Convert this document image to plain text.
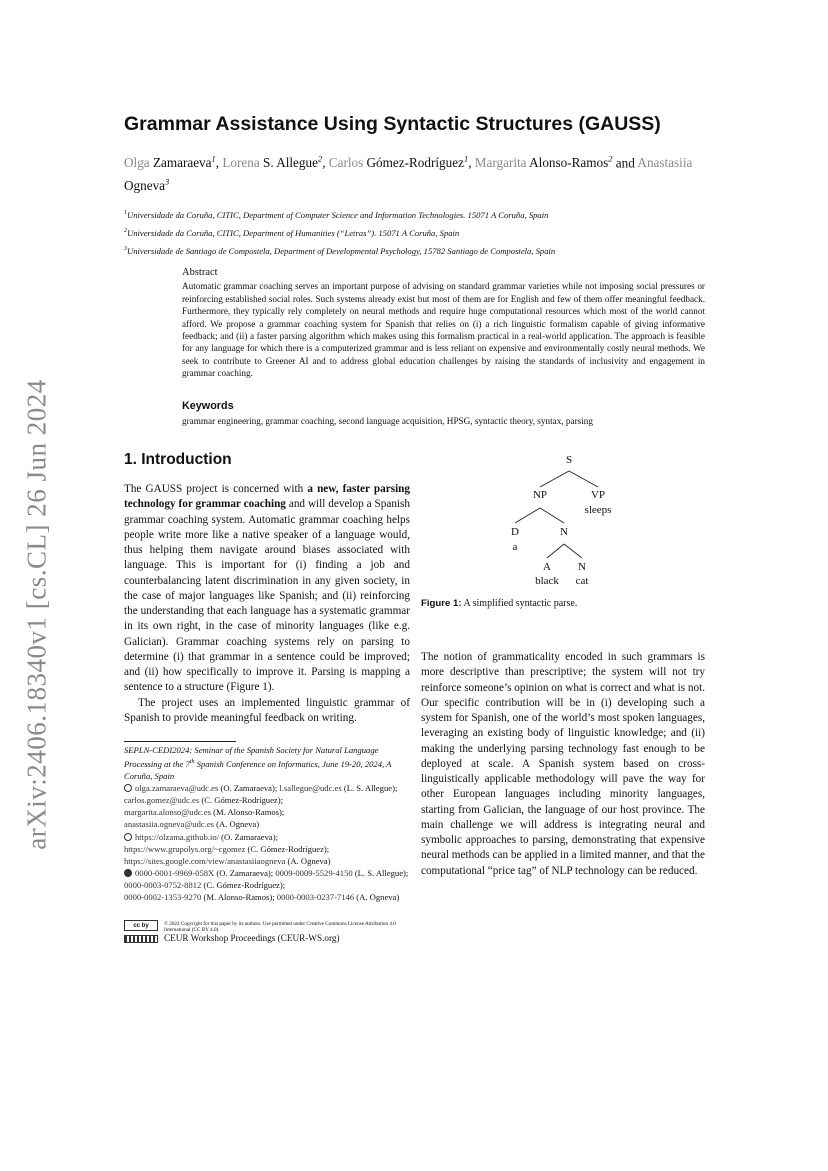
arXiv:2406.18340v1 [cs.CL] 26 Jun 2024
Grammar Assistance Using Syntactic Structures (GAUSS)
Olga Zamaraeva$^1$, Lorena S. Allegue$^2$, Carlos Gómez-Rodríguez$^1$, Margarita Alonso-Ramos$^2$ and Anastasiia Ogneva$^3$
$^1$Universidade da Coruña, CITIC, Department of Computer Science and Information Technologies. 15071 A Coruña, Spain
$^2$Universidade da Coruña, CITIC, Department of Humanities (“Letras”). 15071 A Coruña, Spain
$^3$Universidade de Santiago de Compostela, Department of Developmental Psychology, 15782 Santiago de Compostela, Spain
Abstract

Automatic grammar coaching serves an important purpose of advising on standard grammar varieties while not imposing social pressures or reinforcing established social roles. Such systems already exist but most of them are for English and few of them offer meaningful feedback. Furthermore, they typically rely completely on neural methods and require huge computational resources which most of the world cannot afford. We propose a grammar coaching system for Spanish that relies on (i) a rich linguistic formalism capable of giving informative feedback; and (ii) a faster parsing algorithm which makes using this formalism practical in a real-world application. The approach is feasible for any language for which there is a computerized grammar and is less reliant on expensive and environmentally costly neural methods. We seek to contribute to Greener AI and to address global education challenges by raising the standards of inclusivity and engagement in grammar coaching.

Keywords
grammar engineering, grammar coaching, second language acquisition, HPSG, syntactic theory, syntax, parsing
1. Introduction

The GAUSS project is concerned with a new, faster parsing technology for grammar coaching and will develop a Spanish grammar coaching system. Automatic grammar coaching helps people write more like a native speaker of a language would, thus helping them navigate around biases associated with language. This is important for (i) finding a job and counterbalancing latent discrimination in any given society, in the case of major languages like Spanish; and (ii) reinforcing the understanding that each language has a systematic grammar in its own right, in the case of minority languages (like e.g. Galician). Grammar coaching systems rely on parsing to determine (i) that grammar in a sentence could be improved; and (ii) how specifically to improve it. Parsing is mapping a sentence to a structure (Figure 1).

The project uses an implemented linguistic grammar of Spanish to provide meaningful feedback on writing.

SEPLN-CEDI2024: Seminar of the Spanish Society for Natural Language Processing at the 7th Spanish Conference on Informatics, June 19-20, 2024, A Coruña, Spain
olga.zamaraeva@udc.es (O. Zamaraeva); l.sallegue@udc.es (L. S. Allegue); carlos.gomez@udc.es (C. Gómez-Rodríguez);
margarita.alonso@udc.es (M. Alonso-Ramos);
anastasiia.ogneva@udc.es (A. Ogneva)
https://olzama.github.io/ (O. Zamaraeva);
https://www.grupolys.org/~cgomez (C. Gómez-Rodríguez);
https://sites.google.com/view/anastasiiaogneva (A. Ogneva)
0000-0001-9969-058X (O. Zamaraeva); 0009-0009-5529-4150 (L. S. Allegue); 0000-0003-0752-8812 (C. Gómez-Rodríguez);
0000-0002-1353-9270 (M. Alonso-Ramos); 0000-0003-0237-7146 (A. Ogneva)
cc by	© 2024 Copyright for this paper by its authors. Use permitted under Creative Commons License Attribution 4.0 International (CC BY 4.0).
CEUR Workshop Proceedings (CEUR-WS.org)
S
NP	VP
sleeps
D
a
N
A
black
N
cat
Figure 1: A simplified syntactic parse.

The notion of grammaticality encoded in such grammars is more descriptive than prescriptive; the system will not try reinforce someone’s opinion on what is correct and what is not. Our specific contribution will be in (i) developing such a system for Spanish, one of the world’s most spoken languages, leveraging an existing body of linguistic knowledge; and (ii) making the underlying parsing technology fast enough to be deployed at scale. A Spanish system based on cross-linguistically applicable methodology will pave the way for other European languages including minority languages, starting from Galician, the language of our host province. The main challenge we will address is integrating neural and symbolic approaches to parsing, demonstrating that expensive neural methods can be applied in a limited manner, and that the computational “price tag” of NLP technology can be reduced.
